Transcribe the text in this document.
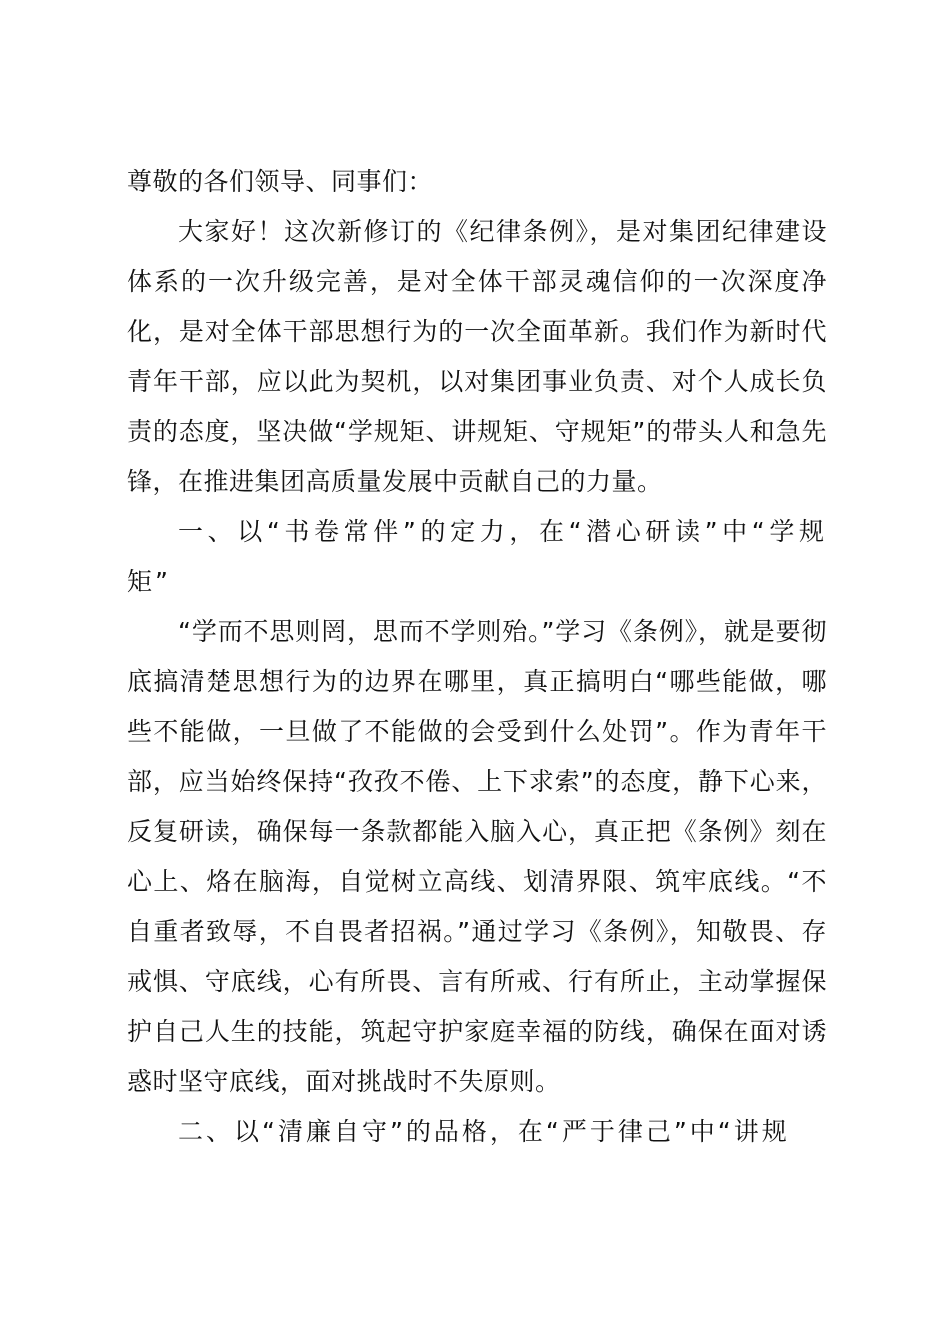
尊敬的各们领导、同事们：

大家好！这次新修订的《纪律条例》，是对集团纪律建设体系的一次升级完善，是对全体干部灵魂信仰的一次深度净化，是对全体干部思想行为的一次全面革新。我们作为新时代青年干部，应以此为契机，以对集团事业负责、对个人成长负责的态度，坚决做“学规矩、讲规矩、守规矩”的带头人和急先锋，在推进集团高质量发展中贡献自己的力量。

一、以“书卷常伴”的定力，在“潜心研读”中“学规矩”

“学而不思则罔，思而不学则殆。”学习《条例》，就是要彻底搞清楚思想行为的边界在哪里，真正搞明白“哪些能做，哪些不能做，一旦做了不能做的会受到什么处罚”。作为青年干部，应当始终保持“孜孜不倦、上下求索”的态度，静下心来，反复研读，确保每一条款都能入脑入心，真正把《条例》刻在心上、烙在脑海，自觉树立高线、划清界限、筑牢底线。“不自重者致辱，不自畏者招祸。”通过学习《条例》，知敬畏、存戒惧、守底线，心有所畏、言有所戒、行有所止，主动掌握保护自己人生的技能，筑起守护家庭幸福的防线，确保在面对诱惑时坚守底线，面对挑战时不失原则。

二、以“清廉自守”的品格，在“严于律己”中“讲规
